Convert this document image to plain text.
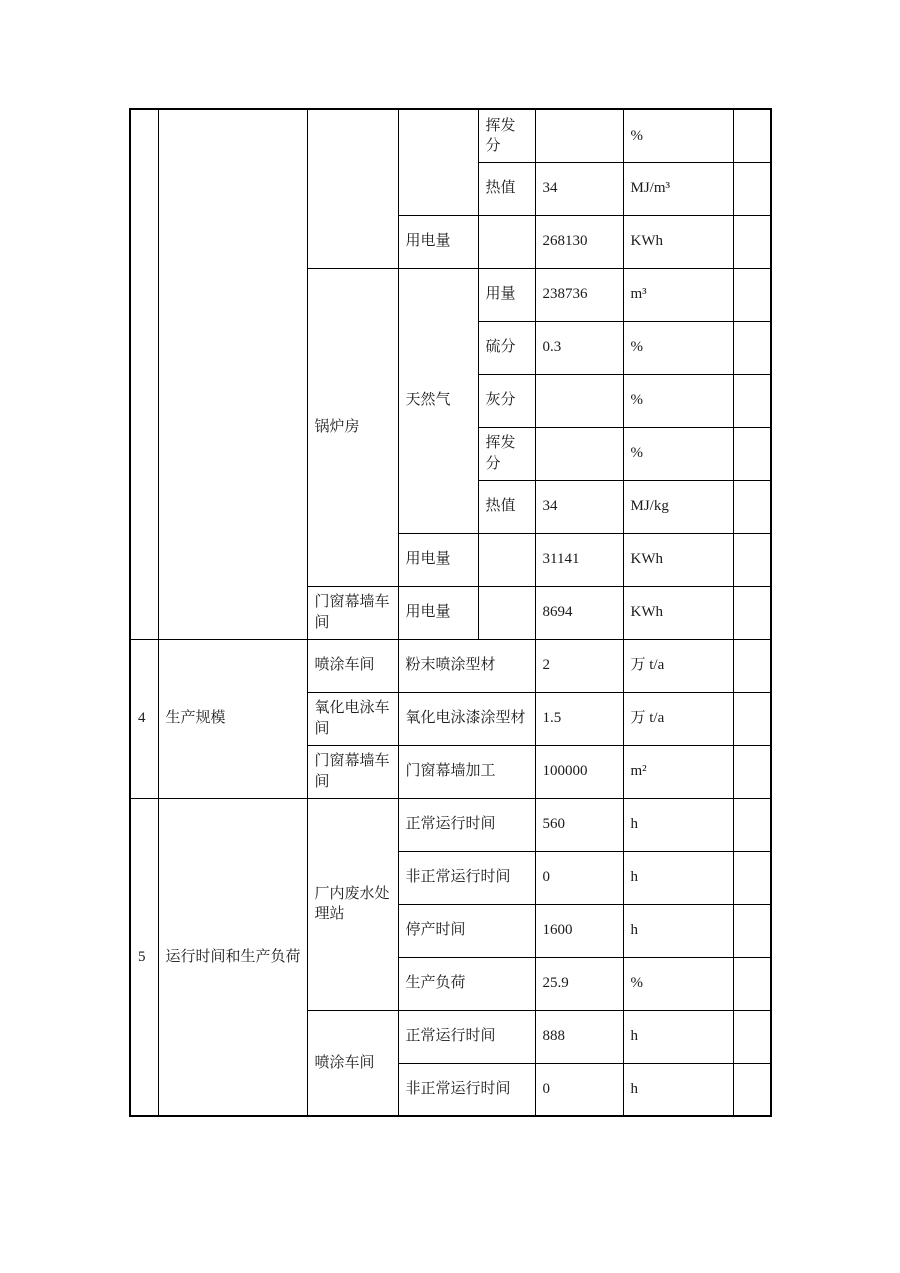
				挥发分		%	
				热值	34	MJ/m³	
			用电量		268130	KWh	
		锅炉房	天然气	用量	238736	m³	
				硫分	0.3	%	
				灰分		%	
				挥发分		%	
				热值	34	MJ/kg	
			用电量		31141	KWh	
		门窗幕墙车间	用电量		8694	KWh	
4	生产规模	喷涂车间	粉末喷涂型材		2	万 t/a	
		氧化电泳车间	氧化电泳漆涂型材		1.5	万 t/a	
		门窗幕墙车间	门窗幕墙加工		100000	m²	
5	运行时间和生产负荷	厂内废水处理站	正常运行时间		560	h	
			非正常运行时间		0	h	
			停产时间		1600	h	
			生产负荷		25.9	%	
		喷涂车间	正常运行时间		888	h	
			非正常运行时间		0	h	
